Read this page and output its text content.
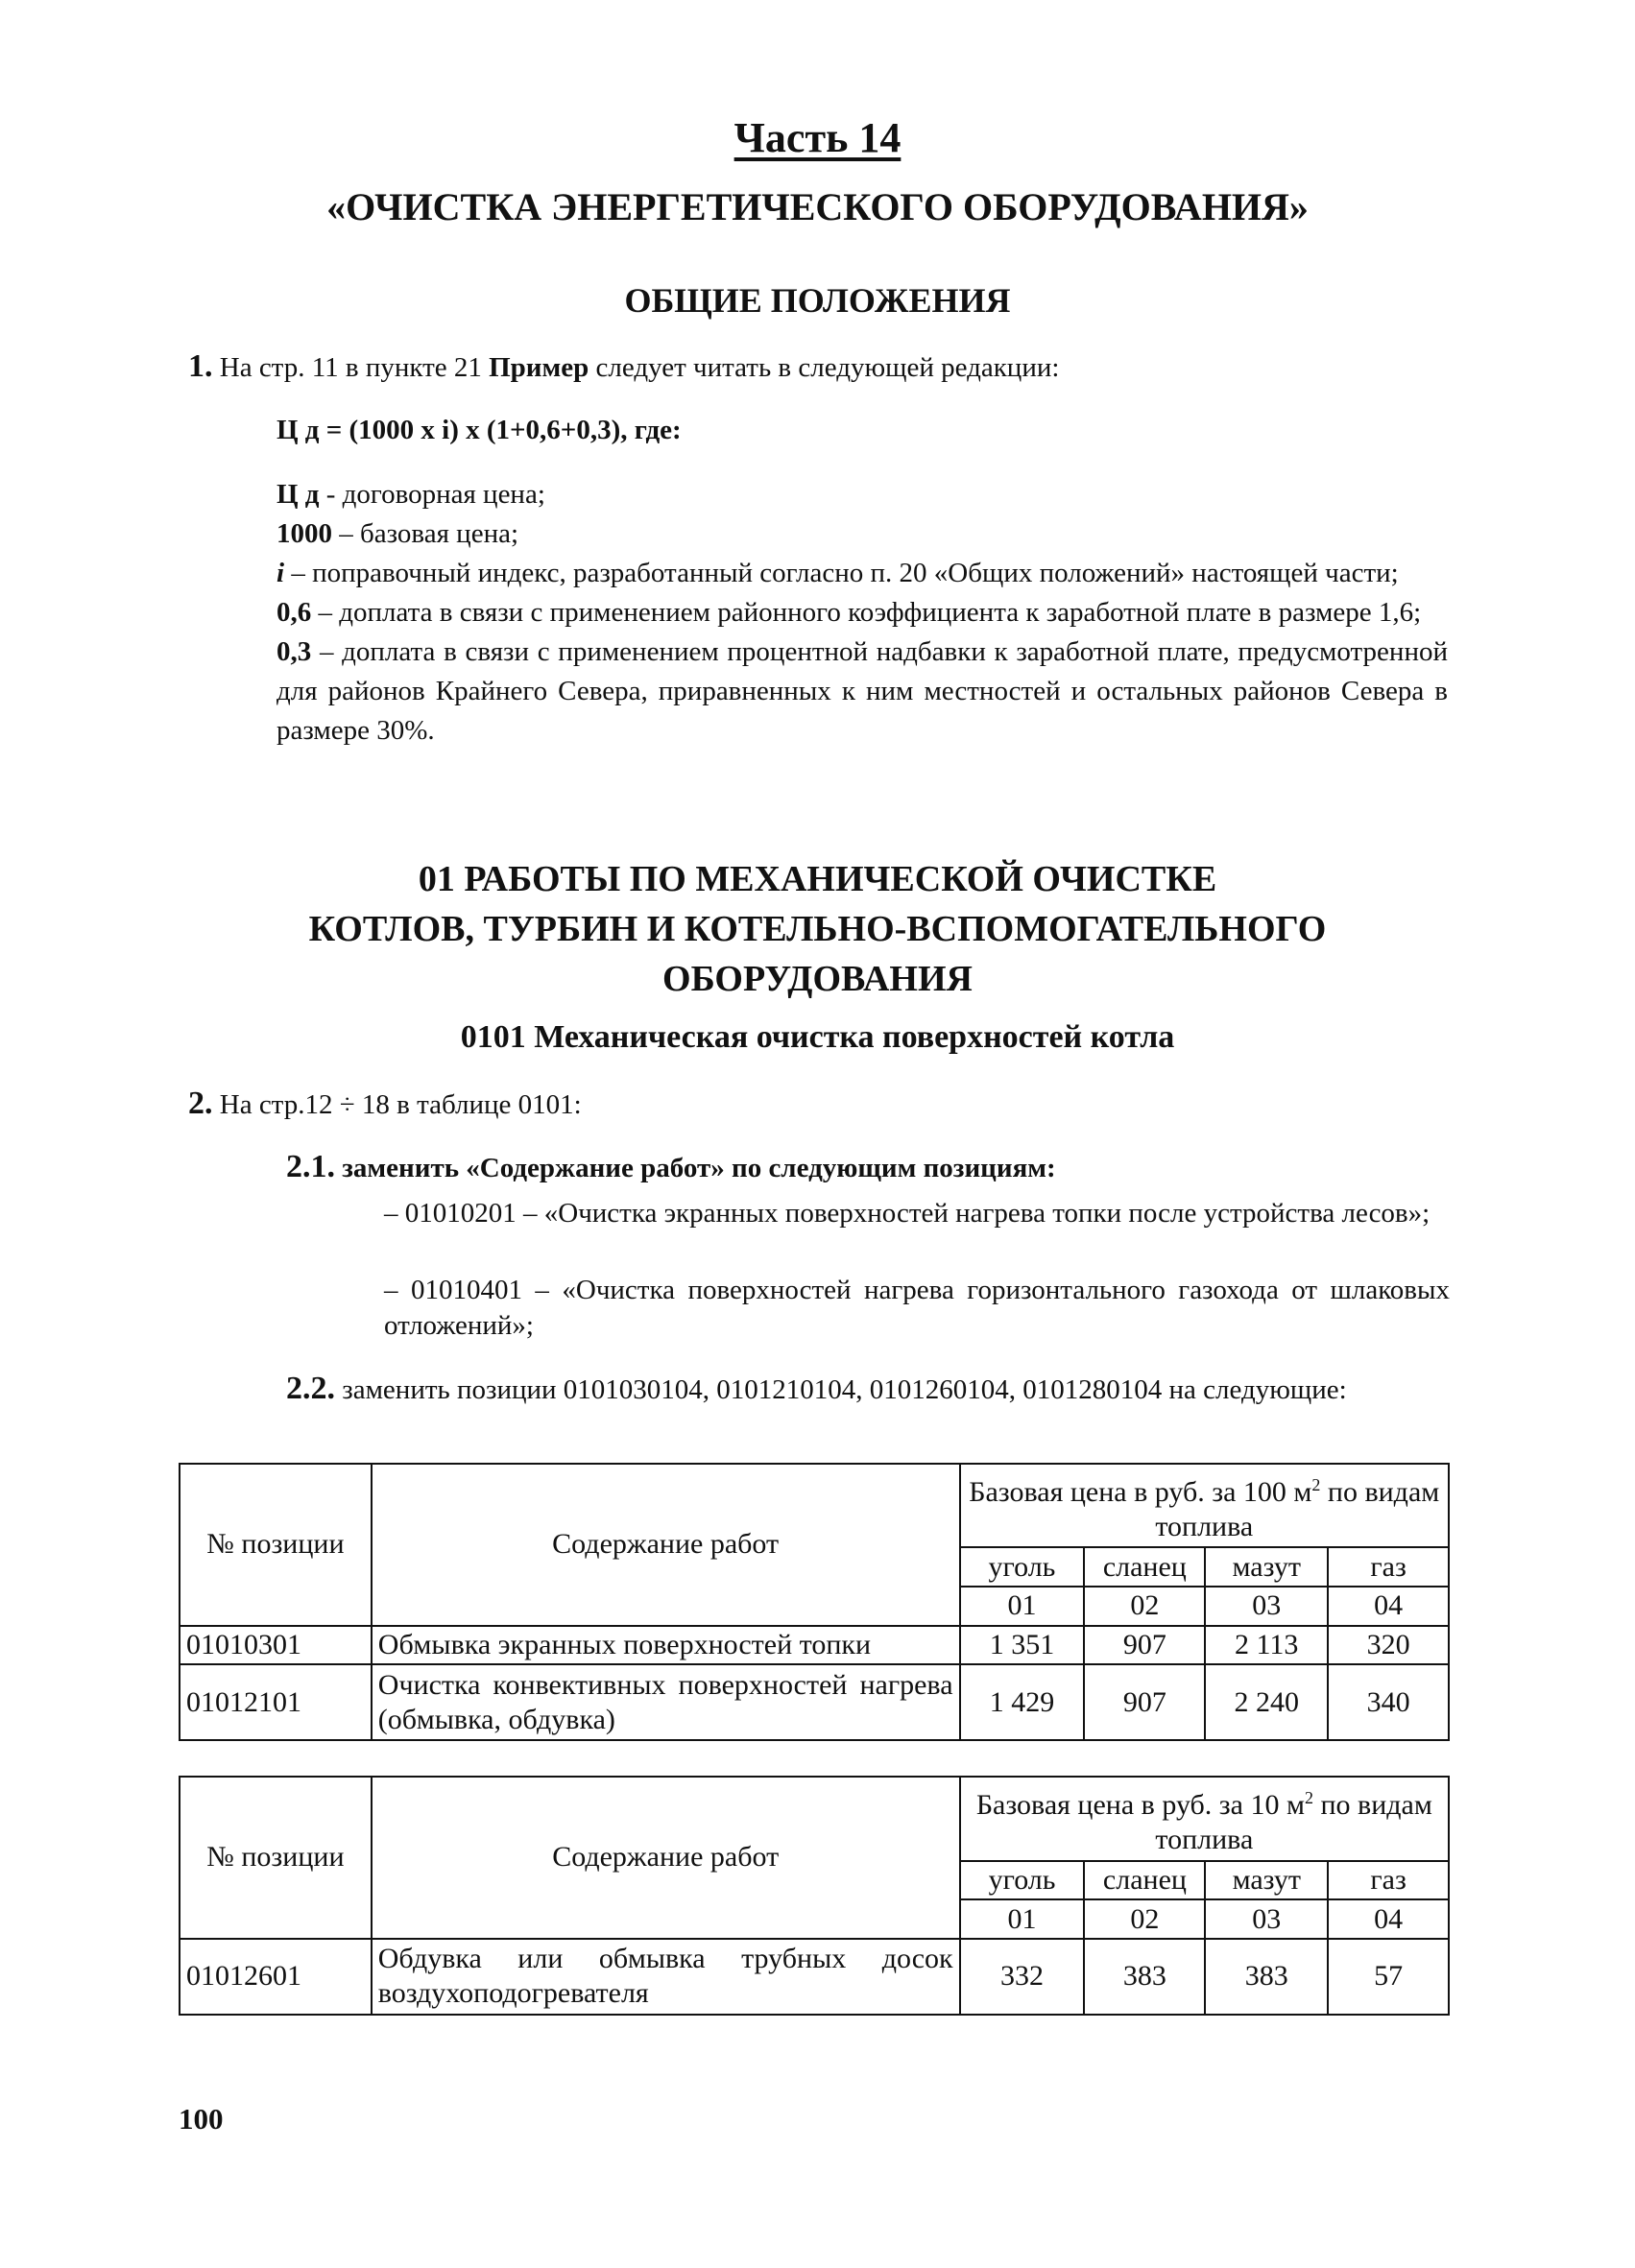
Часть 14
«ОЧИСТКА ЭНЕРГЕТИЧЕСКОГО ОБОРУДОВАНИЯ»
ОБЩИЕ ПОЛОЖЕНИЯ
1. На стр. 11 в пункте 21 Пример следует читать в следующей редакции:
Ц д = (1000 х i) х (1+0,6+0,3), где:
Ц д - договорная цена;
1000 – базовая цена;
i – поправочный индекс, разработанный согласно п. 20 «Общих положений» настоящей части;
0,6 – доплата в связи с применением районного коэффициента к заработной плате в размере 1,6;
0,3 – доплата в связи с применением процентной надбавки к заработной плате, предусмотренной для районов Крайнего Севера, приравненных к ним местностей и остальных районов Севера в размере 30%.
01 РАБОТЫ ПО МЕХАНИЧЕСКОЙ ОЧИСТКЕ
КОТЛОВ, ТУРБИН И КОТЕЛЬНО-ВСПОМОГАТЕЛЬНОГО
ОБОРУДОВАНИЯ
0101 Механическая очистка поверхностей котла
2. На стр.12 ÷ 18 в таблице 0101:
2.1. заменить «Содержание работ» по следующим позициям:
– 01010201 – «Очистка экранных поверхностей нагрева топки после устройства лесов»;
– 01010401 – «Очистка поверхностей нагрева горизонтального газохода от шлаковых отложений»;
2.2. заменить позиции 0101030104, 0101210104, 0101260104, 0101280104 на следующие:
№ позиции	Содержание работ	Базовая цена в руб. за 100 $м^2$ по видам топлива			
		уголь	сланец	мазут	газ
		01	02	03	04
01010301	Обмывка экранных поверхностей топки	1 351	907	2 113	320
01012101	Очистка конвективных поверхностей нагрева (обмывка, обдувка)	1 429	907	2 240	340
№ позиции	Содержание работ	Базовая цена в руб. за 10 $м^2$ по видам топлива			
		уголь	сланец	мазут	газ
		01	02	03	04
01012601	Обдувка или обмывка трубных досок воздухоподогревателя	332	383	383	57
100
